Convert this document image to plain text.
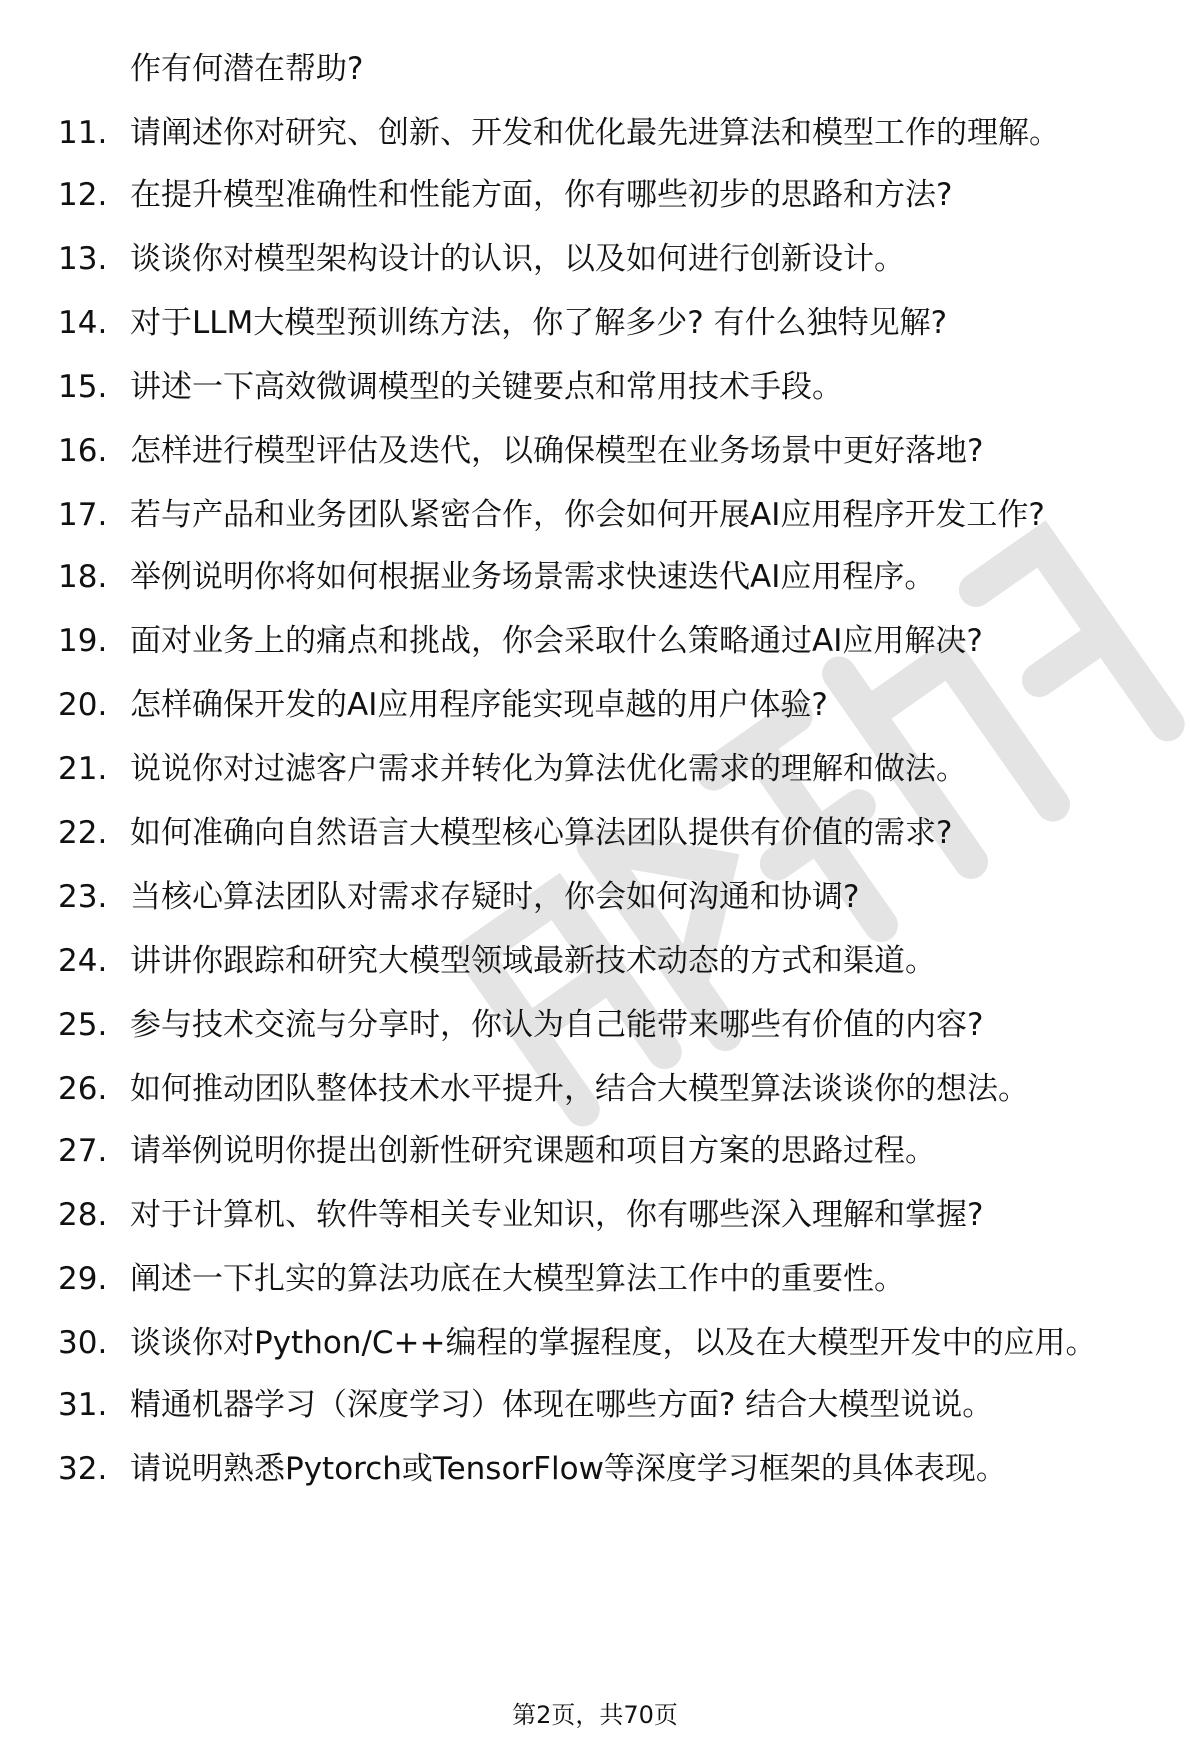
作有何潜在帮助?
11. 请阐述你对研究、创新、开发和优化最先进算法和模型工作的理解。
12. 在提升模型准确性和性能方面，你有哪些初步的思路和方法?
13. 谈谈你对模型架构设计的认识，以及如何进行创新设计。
14. 对于LLM大模型预训练方法，你了解多少? 有什么独特见解?
15. 讲述一下高效微调模型的关键要点和常用技术手段。
16. 怎样进行模型评估及迭代，以确保模型在业务场景中更好落地?
17. 若与产品和业务团队紧密合作，你会如何开展AI应用程序开发工作?
18. 举例说明你将如何根据业务场景需求快速迭代AI应用程序。
19. 面对业务上的痛点和挑战，你会采取什么策略通过AI应用解决?
20. 怎样确保开发的AI应用程序能实现卓越的用户体验?
21. 说说你对过滤客户需求并转化为算法优化需求的理解和做法。
22. 如何准确向自然语言大模型核心算法团队提供有价值的需求?
23. 当核心算法团队对需求存疑时，你会如何沟通和协调?
24. 讲讲你跟踪和研究大模型领域最新技术动态的方式和渠道。
25. 参与技术交流与分享时，你认为自己能带来哪些有价值的内容?
26. 如何推动团队整体技术水平提升，结合大模型算法谈谈你的想法。
27. 请举例说明你提出创新性研究课题和项目方案的思路过程。
28. 对于计算机、软件等相关专业知识，你有哪些深入理解和掌握?
29. 阐述一下扎实的算法功底在大模型算法工作中的重要性。
30. 谈谈你对Python/C++编程的掌握程度，以及在大模型开发中的应用。
31. 精通机器学习（深度学习）体现在哪些方面? 结合大模型说说。
32. 请说明熟悉Pytorch或TensorFlow等深度学习框架的具体表现。
第2页，共70页
